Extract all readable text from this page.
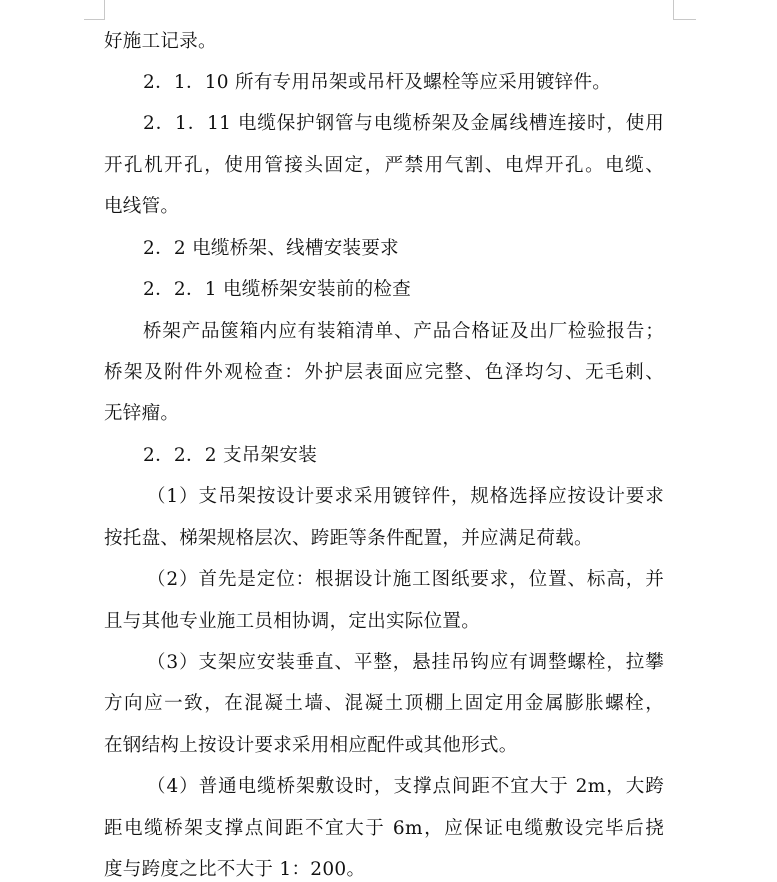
好施工记录。
2．1．10 所有专用吊架或吊杆及螺栓等应采用镀锌件。
2．1．11 电缆保护钢管与电缆桥架及金属线槽连接时，使用
开孔机开孔，使用管接头固定，严禁用气割、电焊开孔。电缆、
电线管。
2．2 电缆桥架、线槽安装要求
2．2．1 电缆桥架安装前的检查
桥架产品箧箱内应有装箱清单、产品合格证及出厂检验报告；
桥架及附件外观检查：外护层表面应完整、色泽均匀、无毛刺、
无锌瘤。
2．2．2 支吊架安装
（1）支吊架按设计要求采用镀锌件，规格选择应按设计要求
按托盘、梯架规格层次、跨距等条件配置，并应满足荷载。
（2）首先是定位：根据设计施工图纸要求，位置、标高，并
且与其他专业施工员相协调，定出实际位置。
（3）支架应安装垂直、平整，悬挂吊钩应有调整螺栓，拉攀
方向应一致，在混凝土墙、混凝土顶棚上固定用金属膨胀螺栓，
在钢结构上按设计要求采用相应配件或其他形式。
（4）普通电缆桥架敷设时，支撑点间距不宜大于 2m，大跨
距电缆桥架支撑点间距不宜大于 6m，应保证电缆敷设完毕后挠
度与跨度之比不大于 1：200。
